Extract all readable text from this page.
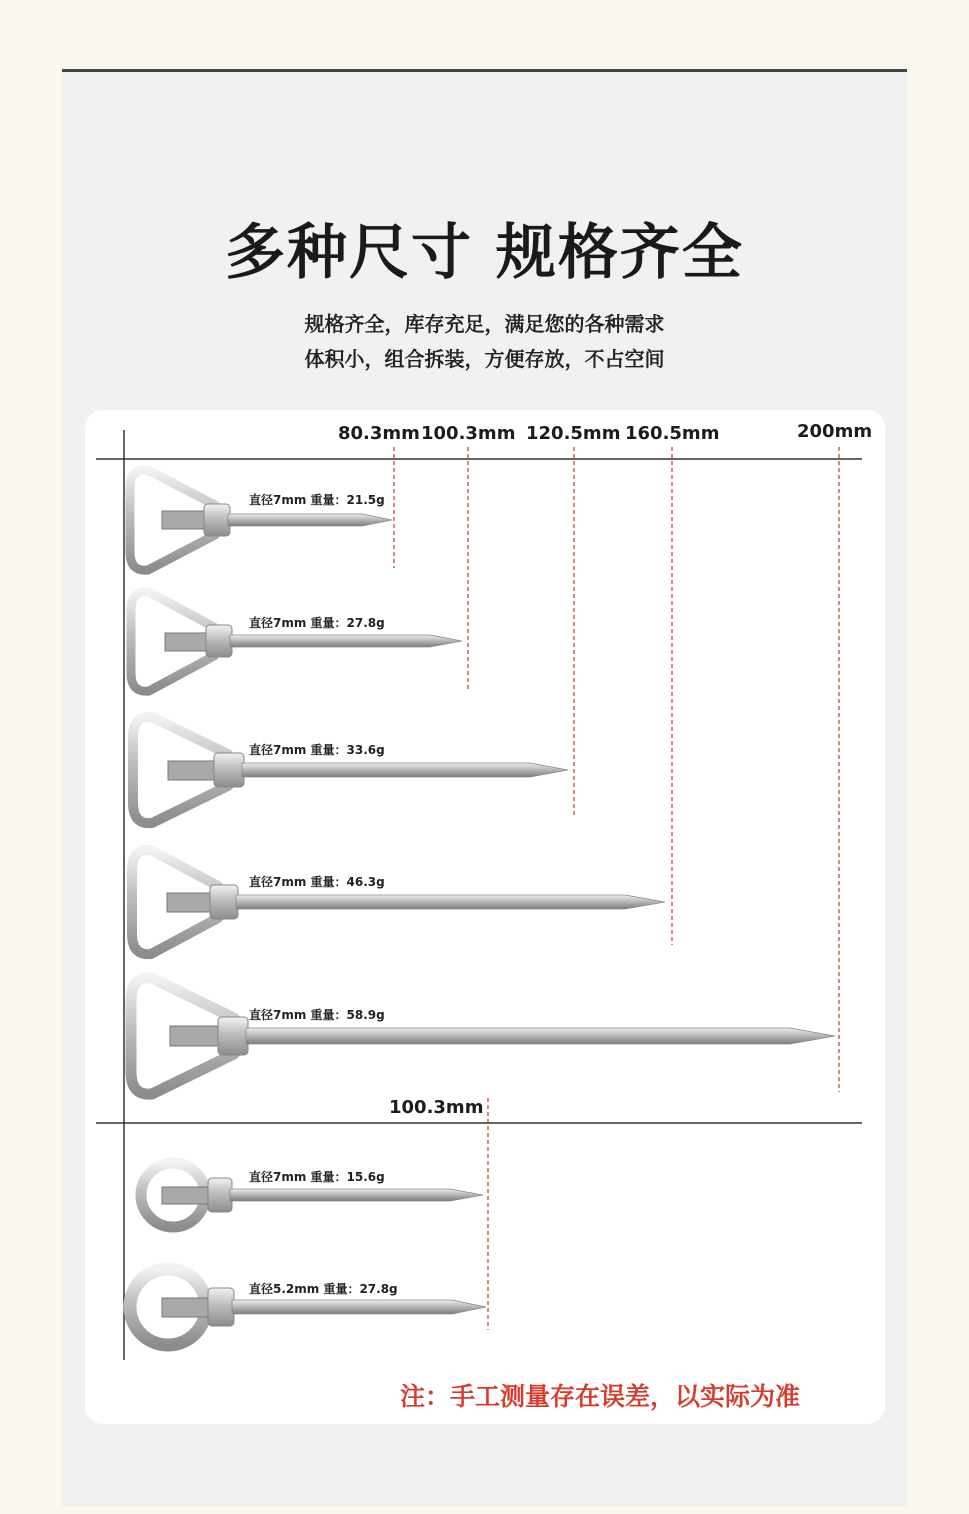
多种尺寸 规格齐全
规格齐全，库存充足，满足您的各种需求
体积小，组合拆装，方便存放，不占空间
80.3mm 100.3mm 120.5mm 160.5mm	200mm
100.3mm
直径7mm 重量：21.5g
直径7mm 重量：27.8g
直径7mm 重量：33.6g
直径7mm 重量：46.3g
直径7mm 重量：58.9g
直径7mm 重量：15.6g
直径5.2mm 重量：27.8g
注：手工测量存在误差，以实际为准
